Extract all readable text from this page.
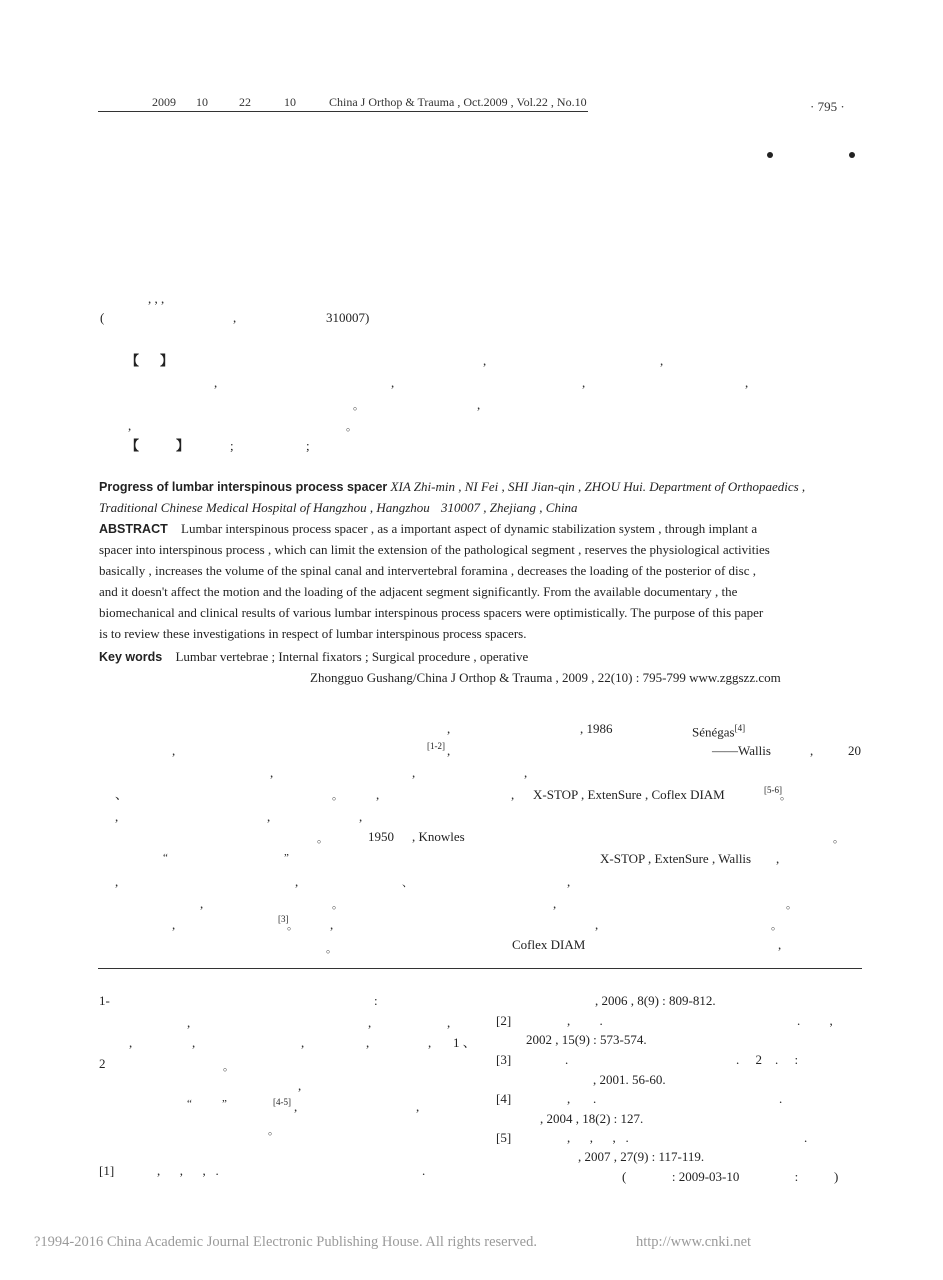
2009 10	22	10	China J Orthop & Trauma , Oct.2009 , Vol.22 , No.10	· 795 ·
, , ,
(	,	310007)
【 】	,	,
,	,	,	,
。	,
,	。
【	】	;	;
Progress of lumbar interspinous process spacer XIA Zhi-min , NI Fei , SHI Jian-qin , ZHOU Hui. Department of Orthopaedics ,
Traditional Chinese Medical Hospital of Hangzhou , Hangzhou 310007 , Zhejiang , China
ABSTRACT Lumbar interspinous process spacer , as a important aspect of dynamic stabilization system , through implant a
spacer into interspinous process , which can limit the extension of the pathological segment , reserves the physiological activities
basically , increases the volume of the spinal canal and intervertebral foramina , decreases the loading of the posterior of disc ,
and it doesn't affect the motion and the loading of the adjacent segment significantly. From the available documentary , the
biomechanical and clinical results of various lumbar interspinous process spacers were optimistically. The purpose of this paper
is to review these investigations in respect of lumbar interspinous process spacers.
Key words Lumbar vertebrae ; Internal fixators ; Surgical procedure , operative
Zhongguo Gushang/China J Orthop & Trauma , 2009 , 22(10) : 795-799 www.zggszz.com
,
,	[1-2] ,
,	,
、	。	,
,	,	,
。	1950 , Knowles
“	”
,	,	、
,	。
,	[3]
。 ,
。
, 1986	Sénégas[4]
——Wallis	,	20
,
, X-STOP , ExtenSure , Coflex DIAM	[5-6]
。
。
X-STOP , ExtenSure , Wallis ,
,
,	。
,	。
Coflex DIAM	,
1-	:
,	,	,
,	,	,	,	, 1 、
2	。
,
“	”	[4-5] ,	,
。
[1]	,      ,      ,   .	.
, 2006 , 8(9) : 809-812.
[2]	,         .	.         ,
2002 , 15(9) : 573-574.
[3]	.	.     2    .     :
, 2001. 56-60.
[4]	,       .	.
, 2004 , 18(2) : 127.
[5]	,      ,      ,   .	.
, 2007 , 27(9) : 117-119.
(              : 2009-03-10                 :           )
?1994-2016 China Academic Journal Electronic Publishing House. All rights reserved.	http://www.cnki.net
